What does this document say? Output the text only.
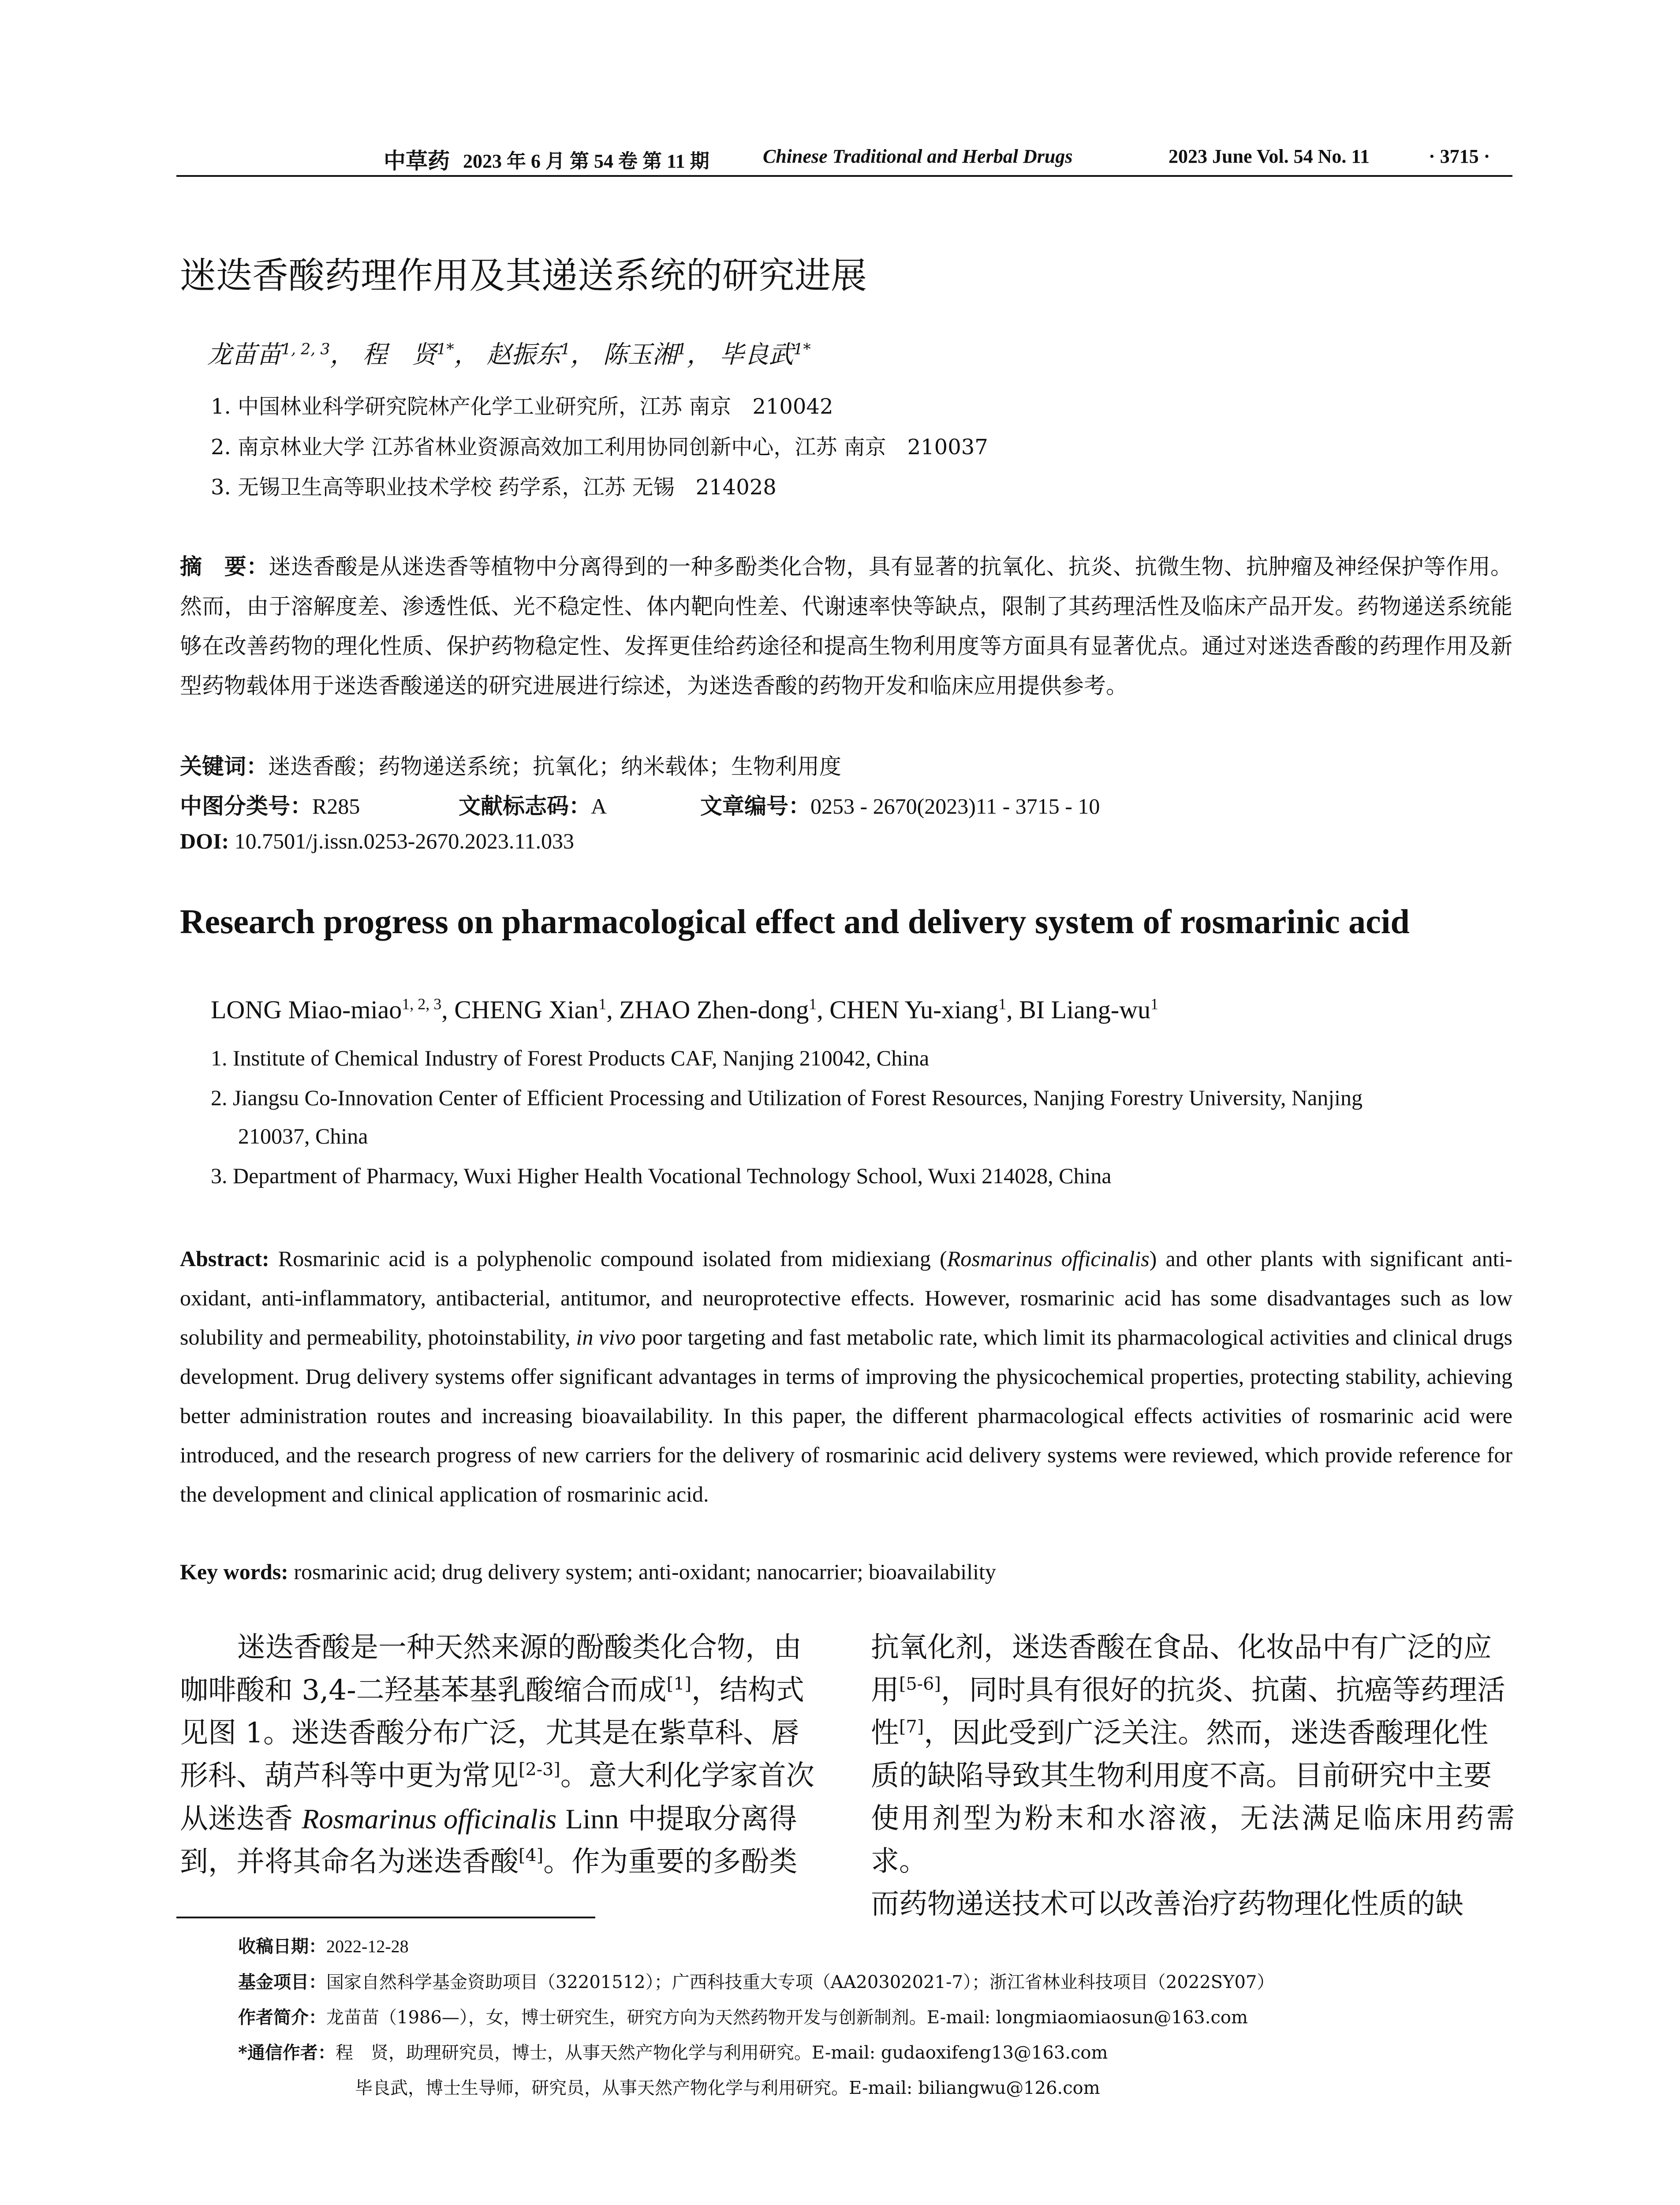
中草药 2023 年 6 月 第 54 卷 第 11 期	Chinese Traditional and Herbal Drugs	2023 June Vol. 54 No. 11	· 3715 ·
迷迭香酸药理作用及其递送系统的研究进展
龙苗苗$^{1, 2, 3}$， 程　贤$^{1*}$， 赵振东$^1$， 陈玉湘$^1$， 毕良武$^{1*}$
1. 中国林业科学研究院林产化学工业研究所，江苏 南京　210042
2. 南京林业大学 江苏省林业资源高效加工利用协同创新中心，江苏 南京　210037
3. 无锡卫生高等职业技术学校 药学系，江苏 无锡　214028
摘　要：迷迭香酸是从迷迭香等植物中分离得到的一种多酚类化合物，具有显著的抗氧化、抗炎、抗微生物、抗肿瘤及神经保护等作用。然而，由于溶解度差、渗透性低、光不稳定性、体内靶向性差、代谢速率快等缺点，限制了其药理活性及临床产品开发。药物递送系统能够在改善药物的理化性质、保护药物稳定性、发挥更佳给药途径和提高生物利用度等方面具有显著优点。通过对迷迭香酸的药理作用及新型药物载体用于迷迭香酸递送的研究进展进行综述，为迷迭香酸的药物开发和临床应用提供参考。
关键词：迷迭香酸；药物递送系统；抗氧化；纳米载体；生物利用度
中图分类号：R285	文献标志码：A	文章编号：0253 - 2670(2023)11 - 3715 - 10
DOI: 10.7501/j.issn.0253-2670.2023.11.033
Research progress on pharmacological effect and delivery system of rosmarinic acid
LONG Miao-miao$^{1, 2, 3}$, CHENG Xian$^1$, ZHAO Zhen-dong$^1$, CHEN Yu-xiang$^1$, BI Liang-$wu^1$
1. Institute of Chemical Industry of Forest Products CAF, Nanjing 210042, China
2. Jiangsu Co-Innovation Center of Efficient Processing and Utilization of Forest Resources, Nanjing Forestry University, Nanjing
210037, China
3. Department of Pharmacy, Wuxi Higher Health Vocational Technology School, Wuxi 214028, China
Abstract: Rosmarinic acid is a polyphenolic compound isolated from midiexiang (Rosmarinus officinalis) and other plants with significant anti-oxidant, anti-inflammatory, antibacterial, antitumor, and neuroprotective effects. However, rosmarinic acid has some disadvantages such as low solubility and permeability, photoinstability, in vivo poor targeting and fast metabolic rate, which limit its pharmacological activities and clinical drugs development. Drug delivery systems offer significant advantages in terms of improving the physicochemical properties, protecting stability, achieving better administration routes and increasing bioavailability. In this paper, the different pharmacological effects activities of rosmarinic acid were introduced, and the research progress of new carriers for the delivery of rosmarinic acid delivery systems were reviewed, which provide reference for the development and clinical application of rosmarinic acid.
Key words: rosmarinic acid; drug delivery system; anti-oxidant; nanocarrier; bioavailability
迷迭香酸是一种天然来源的酚酸类化合物，由
咖啡酸和 3,4-二羟基苯基乳酸缩合而成[1]，结构式
见图 1。迷迭香酸分布广泛，尤其是在紫草科、唇
形科、葫芦科等中更为常见[2-3]。意大利化学家首次
从迷迭香 Rosmarinus officinalis Linn 中提取分离得
到，并将其命名为迷迭香酸[4]。作为重要的多酚类
抗氧化剂，迷迭香酸在食品、化妆品中有广泛的应
用[5-6]，同时具有很好的抗炎、抗菌、抗癌等药理活
性[7]，因此受到广泛关注。然而，迷迭香酸理化性
质的缺陷导致其生物利用度不高。目前研究中主要
使用剂型为粉末和水溶液，无法满足临床用药需求。
而药物递送技术可以改善治疗药物理化性质的缺
收稿日期：2022-12-28
基金项目：国家自然科学基金资助项目（32201512）；广西科技重大专项（AA20302021-7）；浙江省林业科技项目（2022SY07）
作者简介：龙苗苗（1986—），女，博士研究生，研究方向为天然药物开发与创新制剂。E-mail: longmiaomiaosun@163.com
*通信作者：程　贤，助理研究员，博士，从事天然产物化学与利用研究。E-mail: gudaoxifeng13@163.com
毕良武，博士生导师，研究员，从事天然产物化学与利用研究。E-mail: biliangwu@126.com
